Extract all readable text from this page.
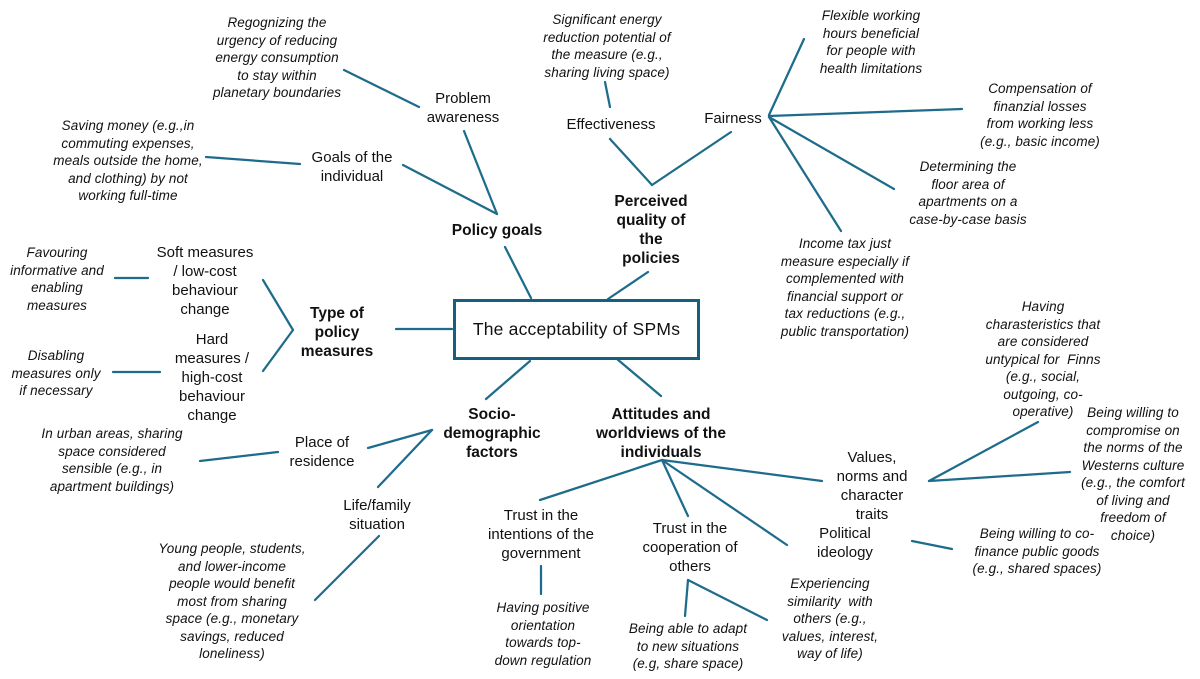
Regognizing the
urgency of reducing
energy consumption
to stay within
planetary boundaries
Saving money (e.g.,in
commuting expenses,
meals outside the home,
and clothing) by not
working full-time
Problem
awareness
Goals of the
individual
Policy goals
Significant energy
reduction potential of
the measure (e.g.,
sharing living space)
Effectiveness	Fairness
Flexible working
hours beneficial
for people with
health limitations
Compensation of
finanzial losses
from working less
(e.g., basic income)
Determining the
floor area of
apartments on a
case-by-case basis
Income tax just
measure especially if
complemented with
financial support or
tax reductions (e.g.,
public transportation)
Perceived
quality of
the
policies
Favouring
informative and
enabling
measures
Soft measures
/ low-cost
behaviour
change
Disabling
measures only
if necessary
Hard
measures /
high-cost
behaviour
change
Type of
policy
measures
Socio-
demographic
factors
Attitudes and
worldviews of the
individuals
In urban areas, sharing
space considered
sensible (e.g., in
apartment buildings)
Place of
residence
Life/family
situation
Young people, students,
and lower-income
people would benefit
most from sharing
space (e.g., monetary
savings, reduced
loneliness)
Trust in the
intentions of the
government
Trust in the
cooperation of
others
Having positive
orientation
towards top-
down regulation
Being able to adapt
to new situations
(e.g, share space)
Political
ideology
Values,
norms and
character
traits
Experiencing
similarity  with
others (e.g.,
values, interest,
way of life)
Having
charasteristics that
are considered
untypical for  Finns
(e.g., social,
outgoing, co-
operative)	Being willing to
compromise on
the norms of the
Westerns culture
(e.g., the comfort
of living and
freedom of
choice)
Being willing to co-
finance public goods
(e.g., shared spaces)
The acceptability of SPMs
